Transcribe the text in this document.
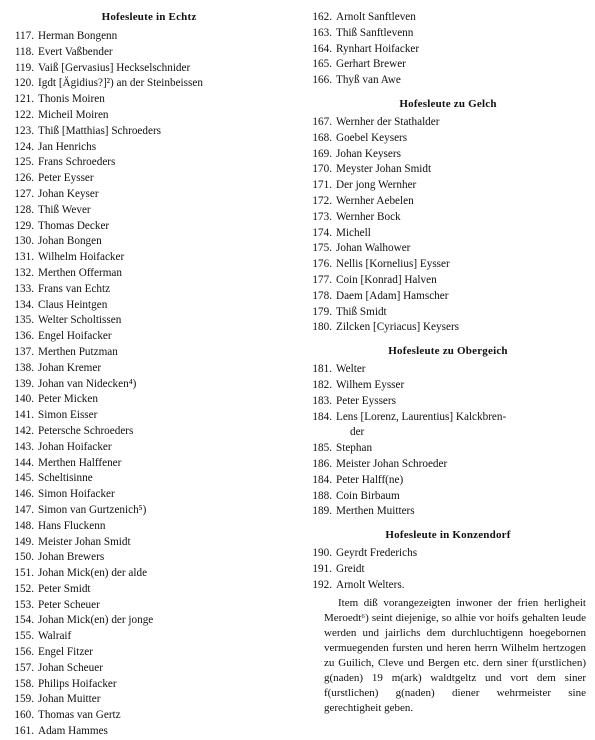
Hofesleute in Echtz
117. Herman Bongenn
118. Evert Vaßbender
119. Vaiß [Gervasius] Heckselschnider
120. Igdt [Ägidius?]²) an der Steinbeissen
121. Thonis Moiren
122. Micheil Moiren
123. Thiß [Matthias] Schroeders
124. Jan Henrichs
125. Frans Schroeders
126. Peter Eysser
127. Johan Keyser
128. Thiß Wever
129. Thomas Decker
130. Johan Bongen
131. Wilhelm Hoifacker
132. Merthen Offerman
133. Frans van Echtz
134. Claus Heintgen
135. Welter Scholtissen
136. Engel Hoifacker
137. Merthen Putzman
138. Johan Kremer
139. Johan van Nidecken⁴)
140. Peter Micken
141. Simon Eisser
142. Petersche Schroeders
143. Johan Hoifacker
144. Merthen Halffener
145. Scheltisinne
146. Simon Hoifacker
147. Simon van Gurtzenich⁵)
148. Hans Fluckenn
149. Meister Johan Smidt
150. Johan Brewers
151. Johan Mick(en) der alde
152. Peter Smidt
153. Peter Scheuer
154. Johan Mick(en) der jonge
155. Walraif
156. Engel Fitzer
157. Johan Scheuer
158. Philips Hoifacker
159. Johan Muitter
160. Thomas van Gertz
161. Adam Hammes
162. Arnolt Sanftleven
163. Thiß Sanftlevenn
164. Rynhart Hoifacker
165. Gerhart Brewer
166. Thyß van Awe
Hofesleute zu Gelch
167. Wernher der Stathalder
168. Goebel Keysers
169. Johan Keysers
170. Meyster Johan Smidt
171. Der jong Wernher
172. Wernher Aebelen
173. Wernher Bock
174. Michell
175. Johan Walhower
176. Nellis [Kornelius] Eysser
177. Coin [Konrad] Halven
178. Daem [Adam] Hamscher
179. Thiß Smidt
180. Zilcken [Cyriacus] Keysers
Hofesleute zu Obergeich
181. Welter
182. Wilhem Eysser
183. Peter Eyssers
184. Lens [Lorenz, Laurentius] Kalckbren-
der
185. Stephan
186. Meister Johan Schroeder
184. Peter Halff(ne)
188. Coin Birbaum
189. Merthen Muitters
Hofesleute in Konzendorf
190. Geyrdt Frederichs
191. Greidt
192. Arnolt Welters.
Item diß vorangezeigten inwoner der frien herligheit Meroedt⁶) seint diejenige, so alhie vor hoifs gehalten leude werden und jairlichs dem durchluchtigenn hoegebornen vermuegenden fursten und heren herrn Wilhelm hertzogen zu Guilich, Cleve und Bergen etc. dern siner f(urstlichen) g(naden) 19 m(ark) waldtgeltz und vort dem siner f(urstlichen) g(naden) diener wehrmeister sine gerechtigheit geben.
